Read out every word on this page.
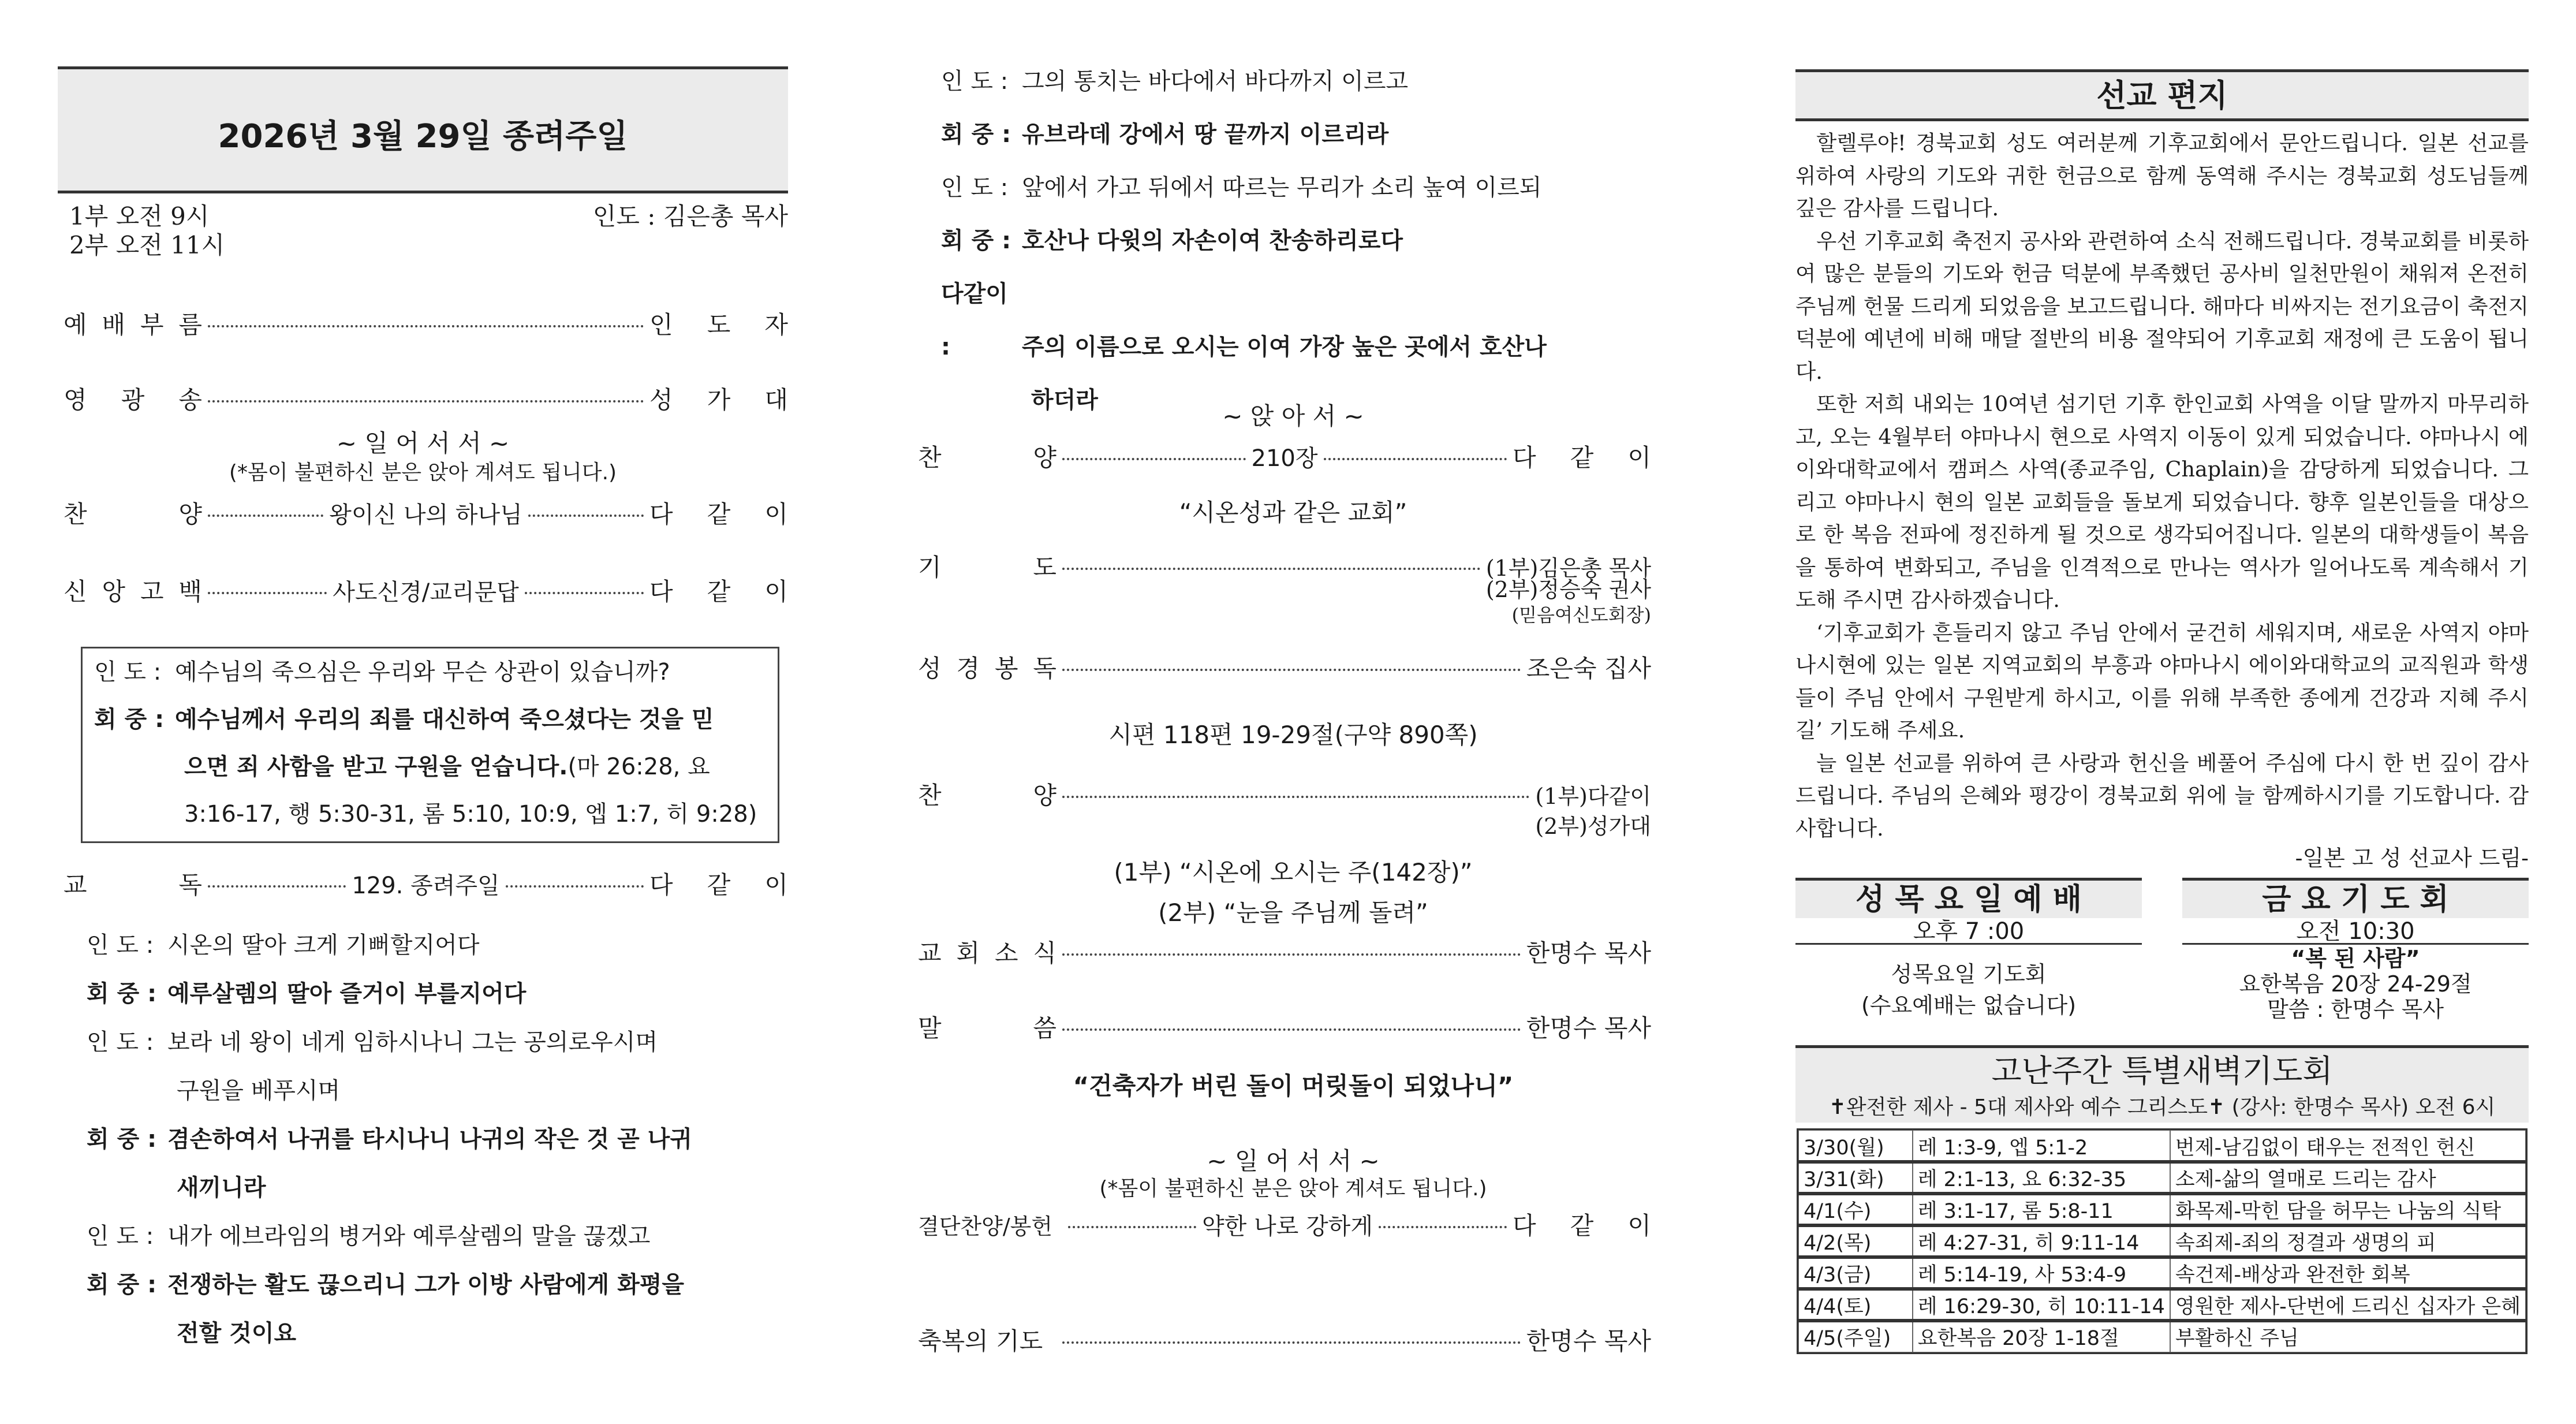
2026년 3월 29일 종려주일
1부 오전 9시
2부 오전 11시
인도 : 김은총 목사
예 배 부 름	인 도 자
영 광 송	성 가 대
~ 일 어 서 서 ~
(*몸이 불편하신 분은 앉아 계셔도 됩니다.)
찬	양	왕이신 나의 하나님	다 같 이
신 앙 고 백	사도신경/교리문답	다 같 이
인 도 : 예수님의 죽으심은 우리와 무슨 상관이 있습니까?
회 중 : 예수님께서 우리의 죄를 대신하여 죽으셨다는 것을 믿
으면 죄 사함을 받고 구원을 얻습니다.(마 26:28, 요
3:16-17, 행 5:30-31, 롬 5:10, 10:9, 엡 1:7, 히 9:28)
교	독	129. 종려주일	다 같 이
인 도 : 시온의 딸아 크게 기뻐할지어다
회 중 : 예루살렘의 딸아 즐거이 부를지어다
인 도 : 보라 네 왕이 네게 임하시나니 그는 공의로우시며
구원을 베푸시며
회 중 : 겸손하여서 나귀를 타시나니 나귀의 작은 것 곧 나귀
새끼니라
인 도 : 내가 에브라임의 병거와 예루살렘의 말을 끊겠고
회 중 : 전쟁하는 활도 끊으리니 그가 이방 사람에게 화평을
전할 것이요
인 도 : 그의 통치는 바다에서 바다까지 이르고
회 중 : 유브라데 강에서 땅 끝까지 이르리라
인 도 : 앞에서 가고 뒤에서 따르는 무리가 소리 높여 이르되
회 중 : 호산나 다윗의 자손이여 찬송하리로다
다같이 :	주의 이름으로 오시는 이여 가장 높은 곳에서 호산나
하더라
~ 앉 아 서 ~
찬	양	210장	다 같 이
“시온성과 같은 교회”
기	도	(1부)김은총 목사
(2부)정승숙 권사
(믿음여신도회장)
성 경 봉 독	조은숙 집사
시편 118편 19-29절(구약 890쪽)
찬	양	(1부)다같이
(2부)성가대
(1부) “시온에 오시는 주(142장)”
(2부) “눈을 주님께 돌려”
교 회 소 식	한명수 목사
말	씀	한명수 목사
“건축자가 버린 돌이 머릿돌이 되었나니”
~ 일 어 서 서 ~
(*몸이 불편하신 분은 앉아 계셔도 됩니다.)
결단찬양/봉헌	약한 나로 강하게	다 같 이
축복의 기도	한명수 목사
선교 편지

할렐루야! 경북교회 성도 여러분께 기후교회에서 문안드립니다. 일본 선교를 위하여 사랑의 기도와 귀한 헌금으로 함께 동역해 주시는 경북교회 성도님들께 깊은 감사를 드립니다.

우선 기후교회 축전지 공사와 관련하여 소식 전해드립니다. 경북교회를 비롯하여 많은 분들의 기도와 헌금 덕분에 부족했던 공사비 일천만원이 채워져 온전히 주님께 헌물 드리게 되었음을 보고드립니다. 해마다 비싸지는 전기요금이 축전지 덕분에 예년에 비해 매달 절반의 비용 절약되어 기후교회 재정에 큰 도움이 됩니다.

또한 저희 내외는 10여년 섬기던 기후 한인교회 사역을 이달 말까지 마무리하고, 오는 4월부터 야마나시 현으로 사역지 이동이 있게 되었습니다. 야마나시 에이와대학교에서 캠퍼스 사역(종교주임, Chaplain)을 감당하게 되었습니다. 그리고 야마나시 현의 일본 교회들을 돌보게 되었습니다. 향후 일본인들을 대상으로 한 복음 전파에 정진하게 될 것으로 생각되어집니다. 일본의 대학생들이 복음을 통하여 변화되고, 주님을 인격적으로 만나는 역사가 일어나도록 계속해서 기도해 주시면 감사하겠습니다.

‘기후교회가 흔들리지 않고 주님 안에서 굳건히 세워지며, 새로운 사역지 야마나시현에 있는 일본 지역교회의 부흥과 야마나시 에이와대학교의 교직원과 학생들이 주님 안에서 구원받게 하시고, 이를 위해 부족한 종에게 건강과 지혜 주시길’ 기도해 주세요.

늘 일본 선교를 위하여 큰 사랑과 헌신을 베풀어 주심에 다시 한 번 깊이 감사드립니다. 주님의 은혜와 평강이 경북교회 위에 늘 함께하시기를 기도합니다. 감사합니다.

-일본 고 성 선교사 드림-
성 목 요 일 예 배
오후 7 :00
성목요일 기도회
(수요예배는 없습니다)
금 요 기 도 회
오전 10:30
“복 된 사람”
요한복음 20장 24-29절
말씀 : 한명수 목사
고난주간 특별새벽기도회
✝완전한 제사 - 5대 제사와 예수 그리스도✝ (강사: 한명수 목사) 오전 6시
3/30(월)	레 1:3-9, 엡 5:1-2	번제-남김없이 태우는 전적인 헌신
3/31(화)	레 2:1-13, 요 6:32-35	소제-삶의 열매로 드리는 감사
4/1(수)	레 3:1-17, 롬 5:8-11	화목제-막힌 담을 허무는 나눔의 식탁
4/2(목)	레 4:27-31, 히 9:11-14	속죄제-죄의 정결과 생명의 피
4/3(금)	레 5:14-19, 사 53:4-9	속건제-배상과 완전한 회복
4/4(토)	레 16:29-30, 히 10:11-14	영원한 제사-단번에 드리신 십자가 은혜
4/5(주일)	요한복음 20장 1-18절	부활하신 주님
